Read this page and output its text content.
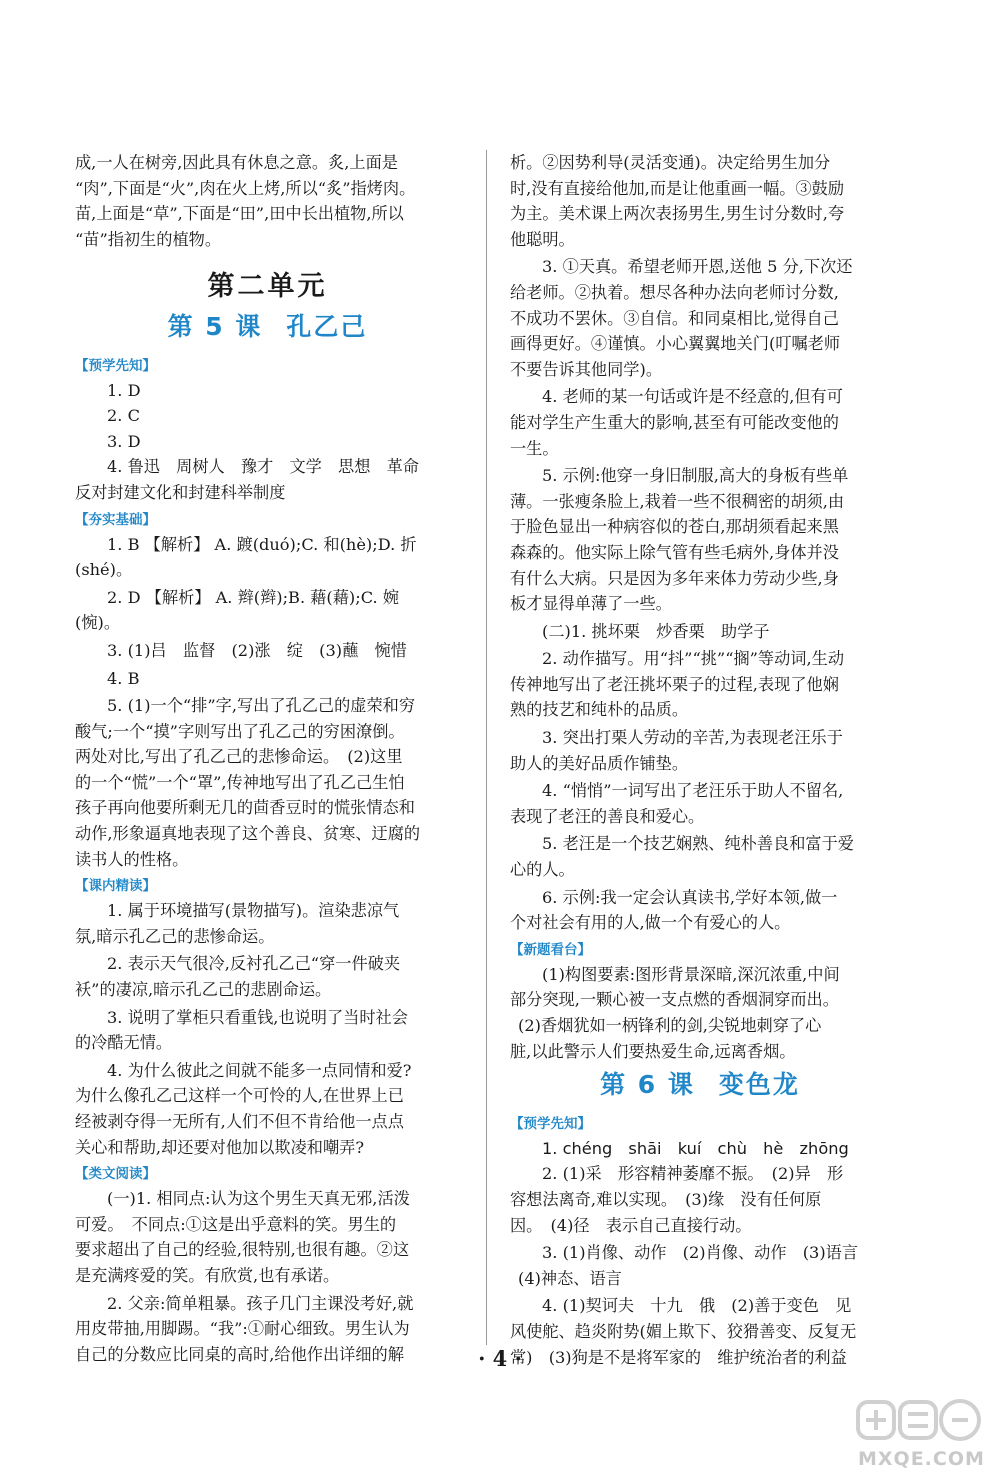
成,一人在树旁,因此具有休息之意。炙,上面是

“肉”,下面是“火”,肉在火上烤,所以“炙”指烤肉。

苗,上面是“草”,下面是“田”,田中长出植物,所以

“苗”指初生的植物。

第二单元
第 5 课 孔乙己
【预学先知】

1. D

2. C

3. D

4. 鲁迅　周树人　豫才　文学　思想　革命

反对封建文化和封建科举制度

【夯实基础】

1. B 【解析】 A. 踱(duó);C. 和(hè);D. 折

(shé)。

2. D 【解析】 A. 辫(辫);B. 藉(藉);C. 婉

(惋)。

3. (1)吕　监督　(2)涨　绽　(3)蘸　惋惜

4. B

5. (1)一个“排”字,写出了孔乙己的虚荣和穷

酸气;一个“摸”字则写出了孔乙己的穷困潦倒。

两处对比,写出了孔乙己的悲惨命运。　(2)这里

的一个“慌”一个“罩”,传神地写出了孔乙己生怕

孩子再向他要所剩无几的茴香豆时的慌张情态和

动作,形象逼真地表现了这个善良、贫寒、迂腐的

读书人的性格。

【课内精读】

1. 属于环境描写(景物描写)。渲染悲凉气

氛,暗示孔乙己的悲惨命运。

2. 表示天气很冷,反衬孔乙己“穿一件破夹

袄”的凄凉,暗示孔乙己的悲剧命运。

3. 说明了掌柜只看重钱,也说明了当时社会

的冷酷无情。

4. 为什么彼此之间就不能多一点同情和爱?

为什么像孔乙己这样一个可怜的人,在世界上已

经被剥夺得一无所有,人们不但不肯给他一点点

关心和帮助,却还要对他加以欺凌和嘲弄?

【类文阅读】

(一)1. 相同点:认为这个男生天真无邪,活泼

可爱。　不同点:①这是出乎意料的笑。男生的

要求超出了自己的经验,很特别,也很有趣。②这

是充满疼爱的笑。有欣赏,也有承诺。

2. 父亲:简单粗暴。孩子几门主课没考好,就

用皮带抽,用脚踢。“我”:①耐心细致。男生认为

自己的分数应比同桌的高时,给他作出详细的解

析。②因势利导(灵活变通)。决定给男生加分

时,没有直接给他加,而是让他重画一幅。③鼓励

为主。美术课上两次表扬男生,男生讨分数时,夸

他聪明。

3. ①天真。希望老师开恩,送他 5 分,下次还

给老师。②执着。想尽各种办法向老师讨分数,

不成功不罢休。③自信。和同桌相比,觉得自己

画得更好。④谨慎。小心翼翼地关门(叮嘱老师

不要告诉其他同学)。

4. 老师的某一句话或许是不经意的,但有可

能对学生产生重大的影响,甚至有可能改变他的

一生。

5. 示例:他穿一身旧制服,高大的身板有些单

薄。一张瘦条脸上,栽着一些不很稠密的胡须,由

于脸色显出一种病容似的苍白,那胡须看起来黑

森森的。他实际上除气管有些毛病外,身体并没

有什么大病。只是因为多年来体力劳动少些,身

板才显得单薄了一些。

(二)1. 挑坏栗　炒香栗　助学子

2. 动作描写。用“抖”“挑”“搁”等动词,生动

传神地写出了老汪挑坏栗子的过程,表现了他娴

熟的技艺和纯朴的品质。

3. 突出打栗人劳动的辛苦,为表现老汪乐于

助人的美好品质作铺垫。

4. “悄悄”一词写出了老汪乐于助人不留名,

表现了老汪的善良和爱心。

5. 老汪是一个技艺娴熟、纯朴善良和富于爱

心的人。

6. 示例:我一定会认真读书,学好本领,做一

个对社会有用的人,做一个有爱心的人。

【新题看台】

(1)构图要素:图形背景深暗,深沉浓重,中间

部分突现,一颗心被一支点燃的香烟洞穿而出。

(2)香烟犹如一柄锋利的剑,尖锐地刺穿了心

脏,以此警示人们要热爱生命,远离香烟。

第 6 课 变色龙
【预学先知】

1. chéng　shāi　kuí　chù　hè　zhōng

2. (1)采　形容精神萎靡不振。　(2)异　形

容想法离奇,难以实现。　(3)缘　没有任何原

因。　(4)径　表示自己直接行动。

3. (1)肖像、动作　(2)肖像、动作　(3)语言

(4)神态、语言

4. (1)契诃夫　十九　俄　(2)善于变色　见

风使舵、趋炎附势(媚上欺下、狡猾善变、反复无

常)　(3)狗是不是将军家的　维护统治者的利益

· 4 ·
MXQE.COM
